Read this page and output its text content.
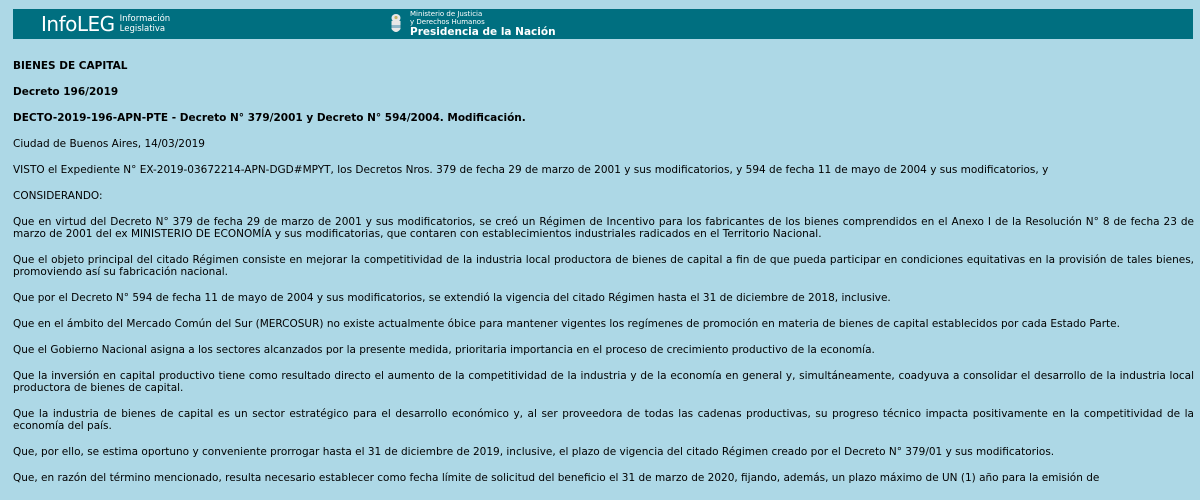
InfoLEG Información
Legislativa
Ministerio de Justicia
y Derechos Humanos
Presidencia de la Nación

BIENES DE CAPITAL

Decreto 196/2019

DECTO-2019-196-APN-PTE - Decreto N° 379/2001 y Decreto N° 594/2004. Modificación.

Ciudad de Buenos Aires, 14/03/2019

VISTO el Expediente N° EX-2019-03672214-APN-DGD#MPYT, los Decretos Nros. 379 de fecha 29 de marzo de 2001 y sus modificatorios, y 594 de fecha 11 de mayo de 2004 y sus modificatorios, y

CONSIDERANDO:

Que en virtud del Decreto N° 379 de fecha 29 de marzo de 2001 y sus modificatorios, se creó un Régimen de Incentivo para los fabricantes de los bienes comprendidos en el Anexo I de la Resolución N° 8 de fecha 23 de marzo de 2001 del ex MINISTERIO DE ECONOMÍA y sus modificatorias, que contaren con establecimientos industriales radicados en el Territorio Nacional.

Que el objeto principal del citado Régimen consiste en mejorar la competitividad de la industria local productora de bienes de capital a fin de que pueda participar en condiciones equitativas en la provisión de tales bienes, promoviendo así su fabricación nacional.

Que por el Decreto N° 594 de fecha 11 de mayo de 2004 y sus modificatorios, se extendió la vigencia del citado Régimen hasta el 31 de diciembre de 2018, inclusive.

Que en el ámbito del Mercado Común del Sur (MERCOSUR) no existe actualmente óbice para mantener vigentes los regímenes de promoción en materia de bienes de capital establecidos por cada Estado Parte.

Que el Gobierno Nacional asigna a los sectores alcanzados por la presente medida, prioritaria importancia en el proceso de crecimiento productivo de la economía.

Que la inversión en capital productivo tiene como resultado directo el aumento de la competitividad de la industria y de la economía en general y, simultáneamente, coadyuva a consolidar el desarrollo de la industria local productora de bienes de capital.

Que la industria de bienes de capital es un sector estratégico para el desarrollo económico y, al ser proveedora de todas las cadenas productivas, su progreso técnico impacta positivamente en la competitividad de la economía del país.

Que, por ello, se estima oportuno y conveniente prorrogar hasta el 31 de diciembre de 2019, inclusive, el plazo de vigencia del citado Régimen creado por el Decreto N° 379/01 y sus modificatorios.

Que, en razón del término mencionado, resulta necesario establecer como fecha límite de solicitud del beneficio el 31 de marzo de 2020, fijando, además, un plazo máximo de UN (1) año para la emisión de
